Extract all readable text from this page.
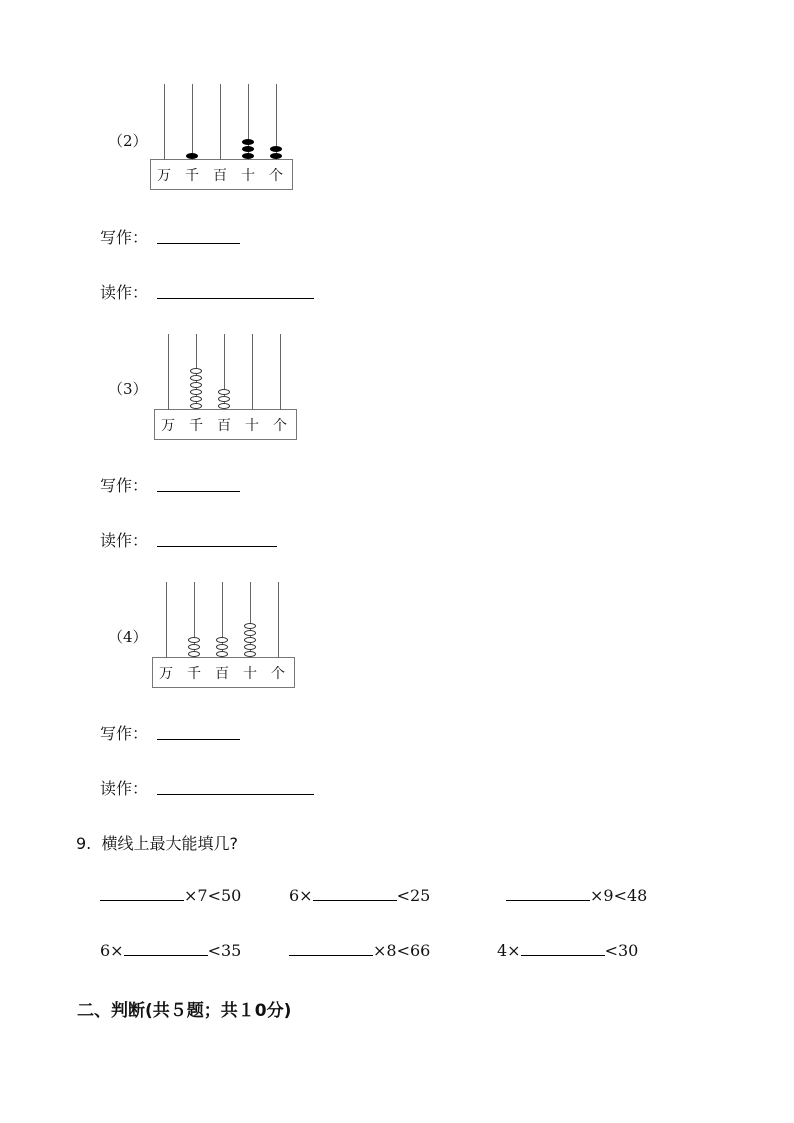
（2）
万	千	百	十	个
写作：
读作：
（3）
万	千	百	十	个
写作：
读作：
（4）
万	千	百	十	个
写作：
读作：
9. 横线上最大能填几?
×7<50	6×	<25	×9<48
6×	<35	×8<66	4×	<30
二、判断(共５题；共１0分)
